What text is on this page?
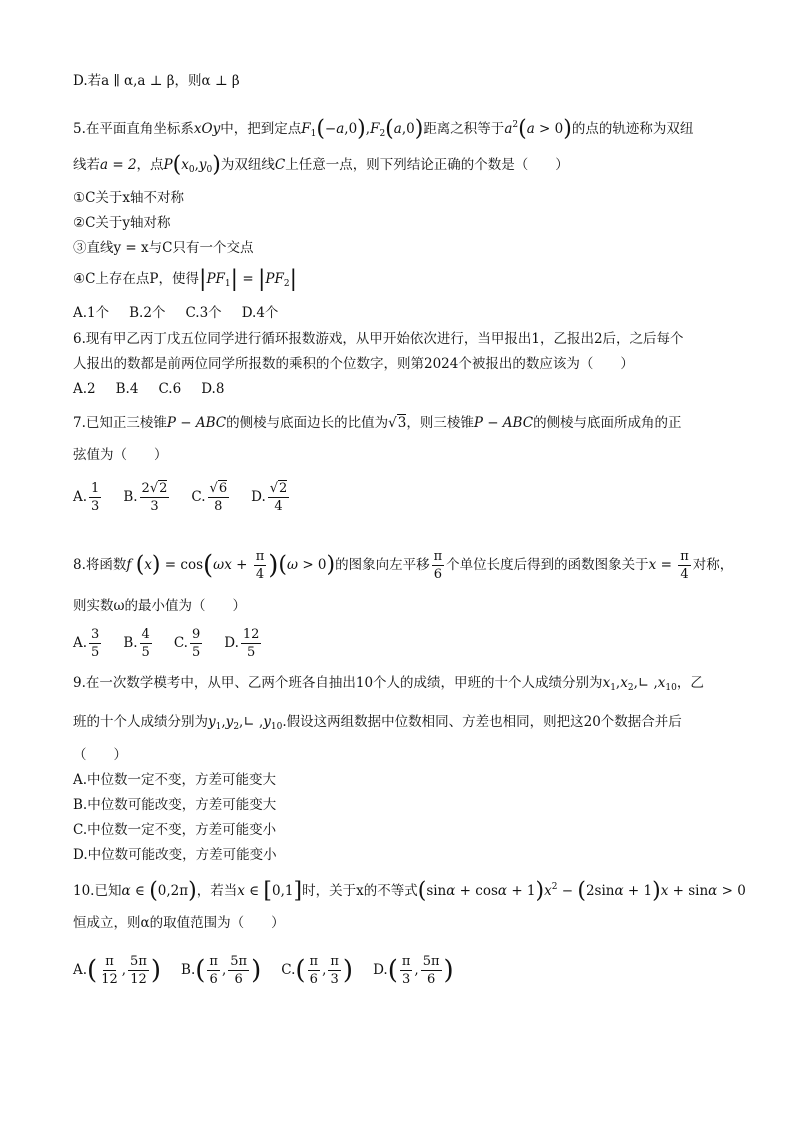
D.若a ∥ α,a ⊥ β，则α ⊥ β
5.在平面直角坐标系xOy中，把到定点$F_1(-a,0),F_2(a,0)$距离之积等于$a^2(a > 0)$的点的轨迹称为双纽
线若a = 2，点$P(x_0,y_0)$为双纽线C上任意一点，则下列结论正确的个数是（　　）
①C关于x轴不对称
②C关于y轴对称
③直线y = x与C只有一个交点
④C上存在点P，使得$|PF_1| = |PF_2|$
A.1个 B.2个 C.3个 D.4个
6.现有甲乙丙丁戊五位同学进行循环报数游戏，从甲开始依次进行，当甲报出1，乙报出2后，之后每个
人报出的数都是前两位同学所报数的乘积的个位数字，则第2024个被报出的数应该为（　　）
A.2 B.4 C.6 D.8
7.已知正三棱锥P − ABC的侧棱与底面边长的比值为√3，则三棱锥P − ABC的侧棱与底面所成角的正
弦值为（　　）
A. $\frac{1}{3} B$. $\frac{2√2}{3} C$. $\frac{√6}{8} D$. $\frac{√2}{4}$
8.将函数f $(x) = \cos(\omega x + \frac{\pi}{4} )(\omega > 0)$的图象向左平移 $\frac{\pi}{6}$ 个单位长度后得到的函数图象关于$x = \frac{\pi}{4}$ 对称，
则实数ω的最小值为（　　）
A. $\frac{3}{5} B$. $\frac{4}{5} C$. $\frac{9}{5} D$. $\frac{12}{5}$
9.在一次数学模考中，从甲、乙两个班各自抽出10个人的成绩，甲班的十个人成绩分别为$x_1,x_2,∟$ $,x_{10}$，乙
班的十个人成绩分别为$y_1,y_2,∟$ $,y_{10}$.假设这两组数据中位数相同、方差也相同，则把这20个数据合并后
（　　）
A.中位数一定不变，方差可能变大
B.中位数可能改变，方差可能变大
C.中位数一定不变，方差可能变小
D.中位数可能改变，方差可能变小
10.已知α ∈ (0,2π)，若当x ∈ [0,1]时，关于x的不等式$(\sin\alpha + \cos\alpha + 1)x^2 - (2\sin\alpha + 1)x + \sin\alpha > 0$
恒成立，则α的取值范围为（　　）
$A.( \frac{\pi}{12}$ , $\frac{5\pi}{12}$ ) $B.( \frac{\pi}{6}$ , $\frac{5\pi}{6}$ ) $C.( \frac{\pi}{6}$ , $\frac{\pi}{3}$ ) $D.( \frac{\pi}{3}$ , $\frac{5\pi}{6}$ )
